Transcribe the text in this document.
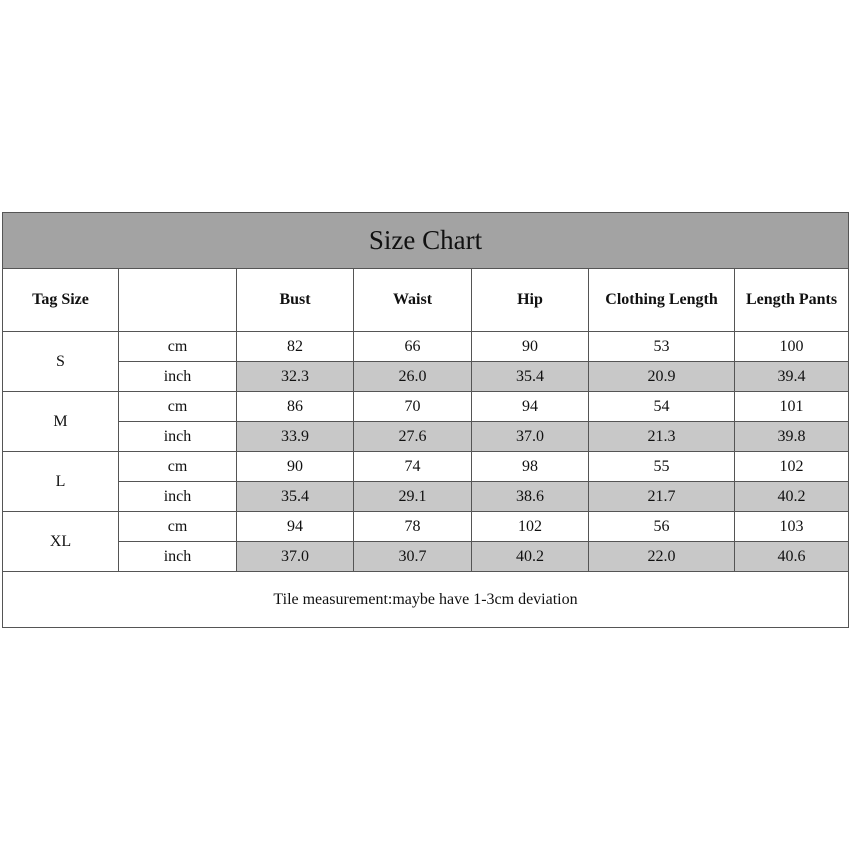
Size Chart						
Tag Size		Bust	Waist	Hip	Clothing Length	Length Pants
S	cm	82	66	90	53	100
	inch	32.3	26.0	35.4	20.9	39.4
M	cm	86	70	94	54	101
	inch	33.9	27.6	37.0	21.3	39.8
L	cm	90	74	98	55	102
	inch	35.4	29.1	38.6	21.7	40.2
XL	cm	94	78	102	56	103
	inch	37.0	30.7	40.2	22.0	40.6
Tile measurement:maybe have 1-3cm deviation						
